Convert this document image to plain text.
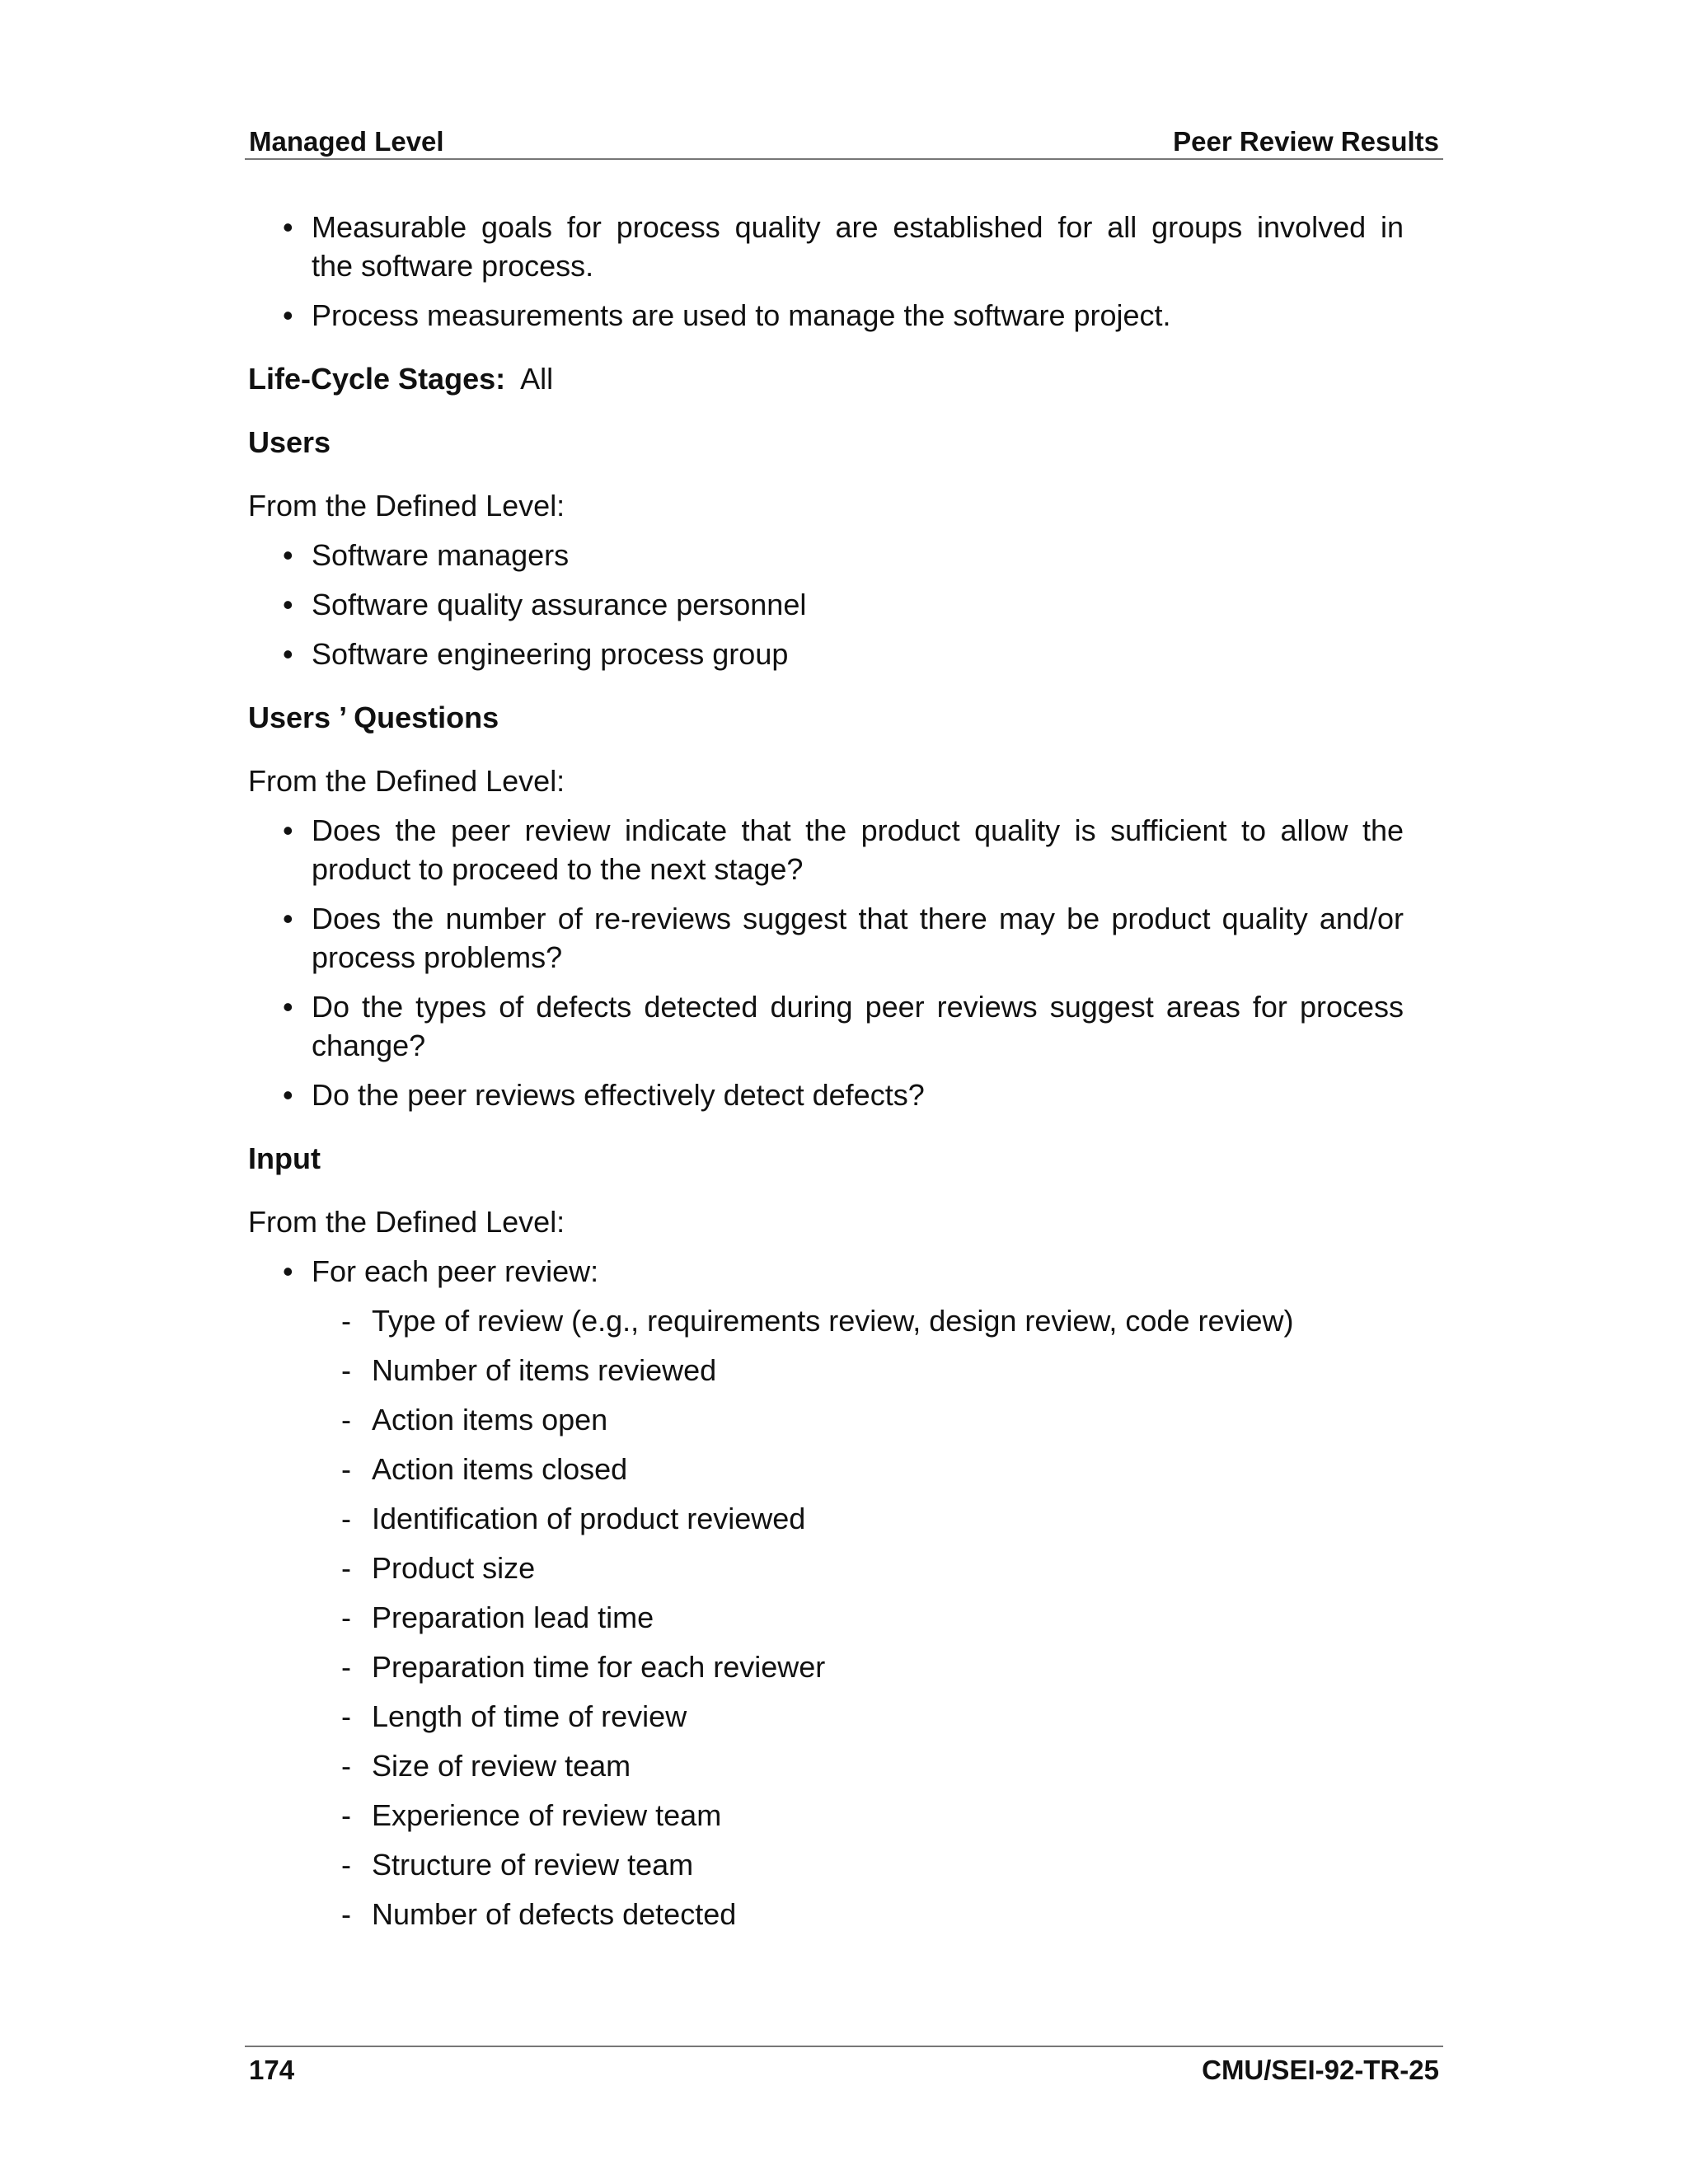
Managed Level	Peer Review Results
• Measurable goals for process quality are established for all groups involved in
the software process.
• Process measurements are used to manage the software project.
Life-Cycle Stages: All
Users
From the Defined Level:
• Software managers
• Software quality assurance personnel
• Software engineering process group
Users ’ Questions
From the Defined Level:
• Does the peer review indicate that the product quality is sufficient to allow the
product to proceed to the next stage?
• Does the number of re-reviews suggest that there may be product quality and/or
process problems?
• Do the types of defects detected during peer reviews suggest areas for process
change?
• Do the peer reviews effectively detect defects?
Input
From the Defined Level:
• For each peer review:
- Type of review (e.g., requirements review, design review, code review)
- Number of items reviewed
- Action items open
- Action items closed
- Identification of product reviewed
- Product size
- Preparation lead time
- Preparation time for each reviewer
- Length of time of review
- Size of review team
- Experience of review team
- Structure of review team
- Number of defects detected
174	CMU/SEI-92-TR-25
